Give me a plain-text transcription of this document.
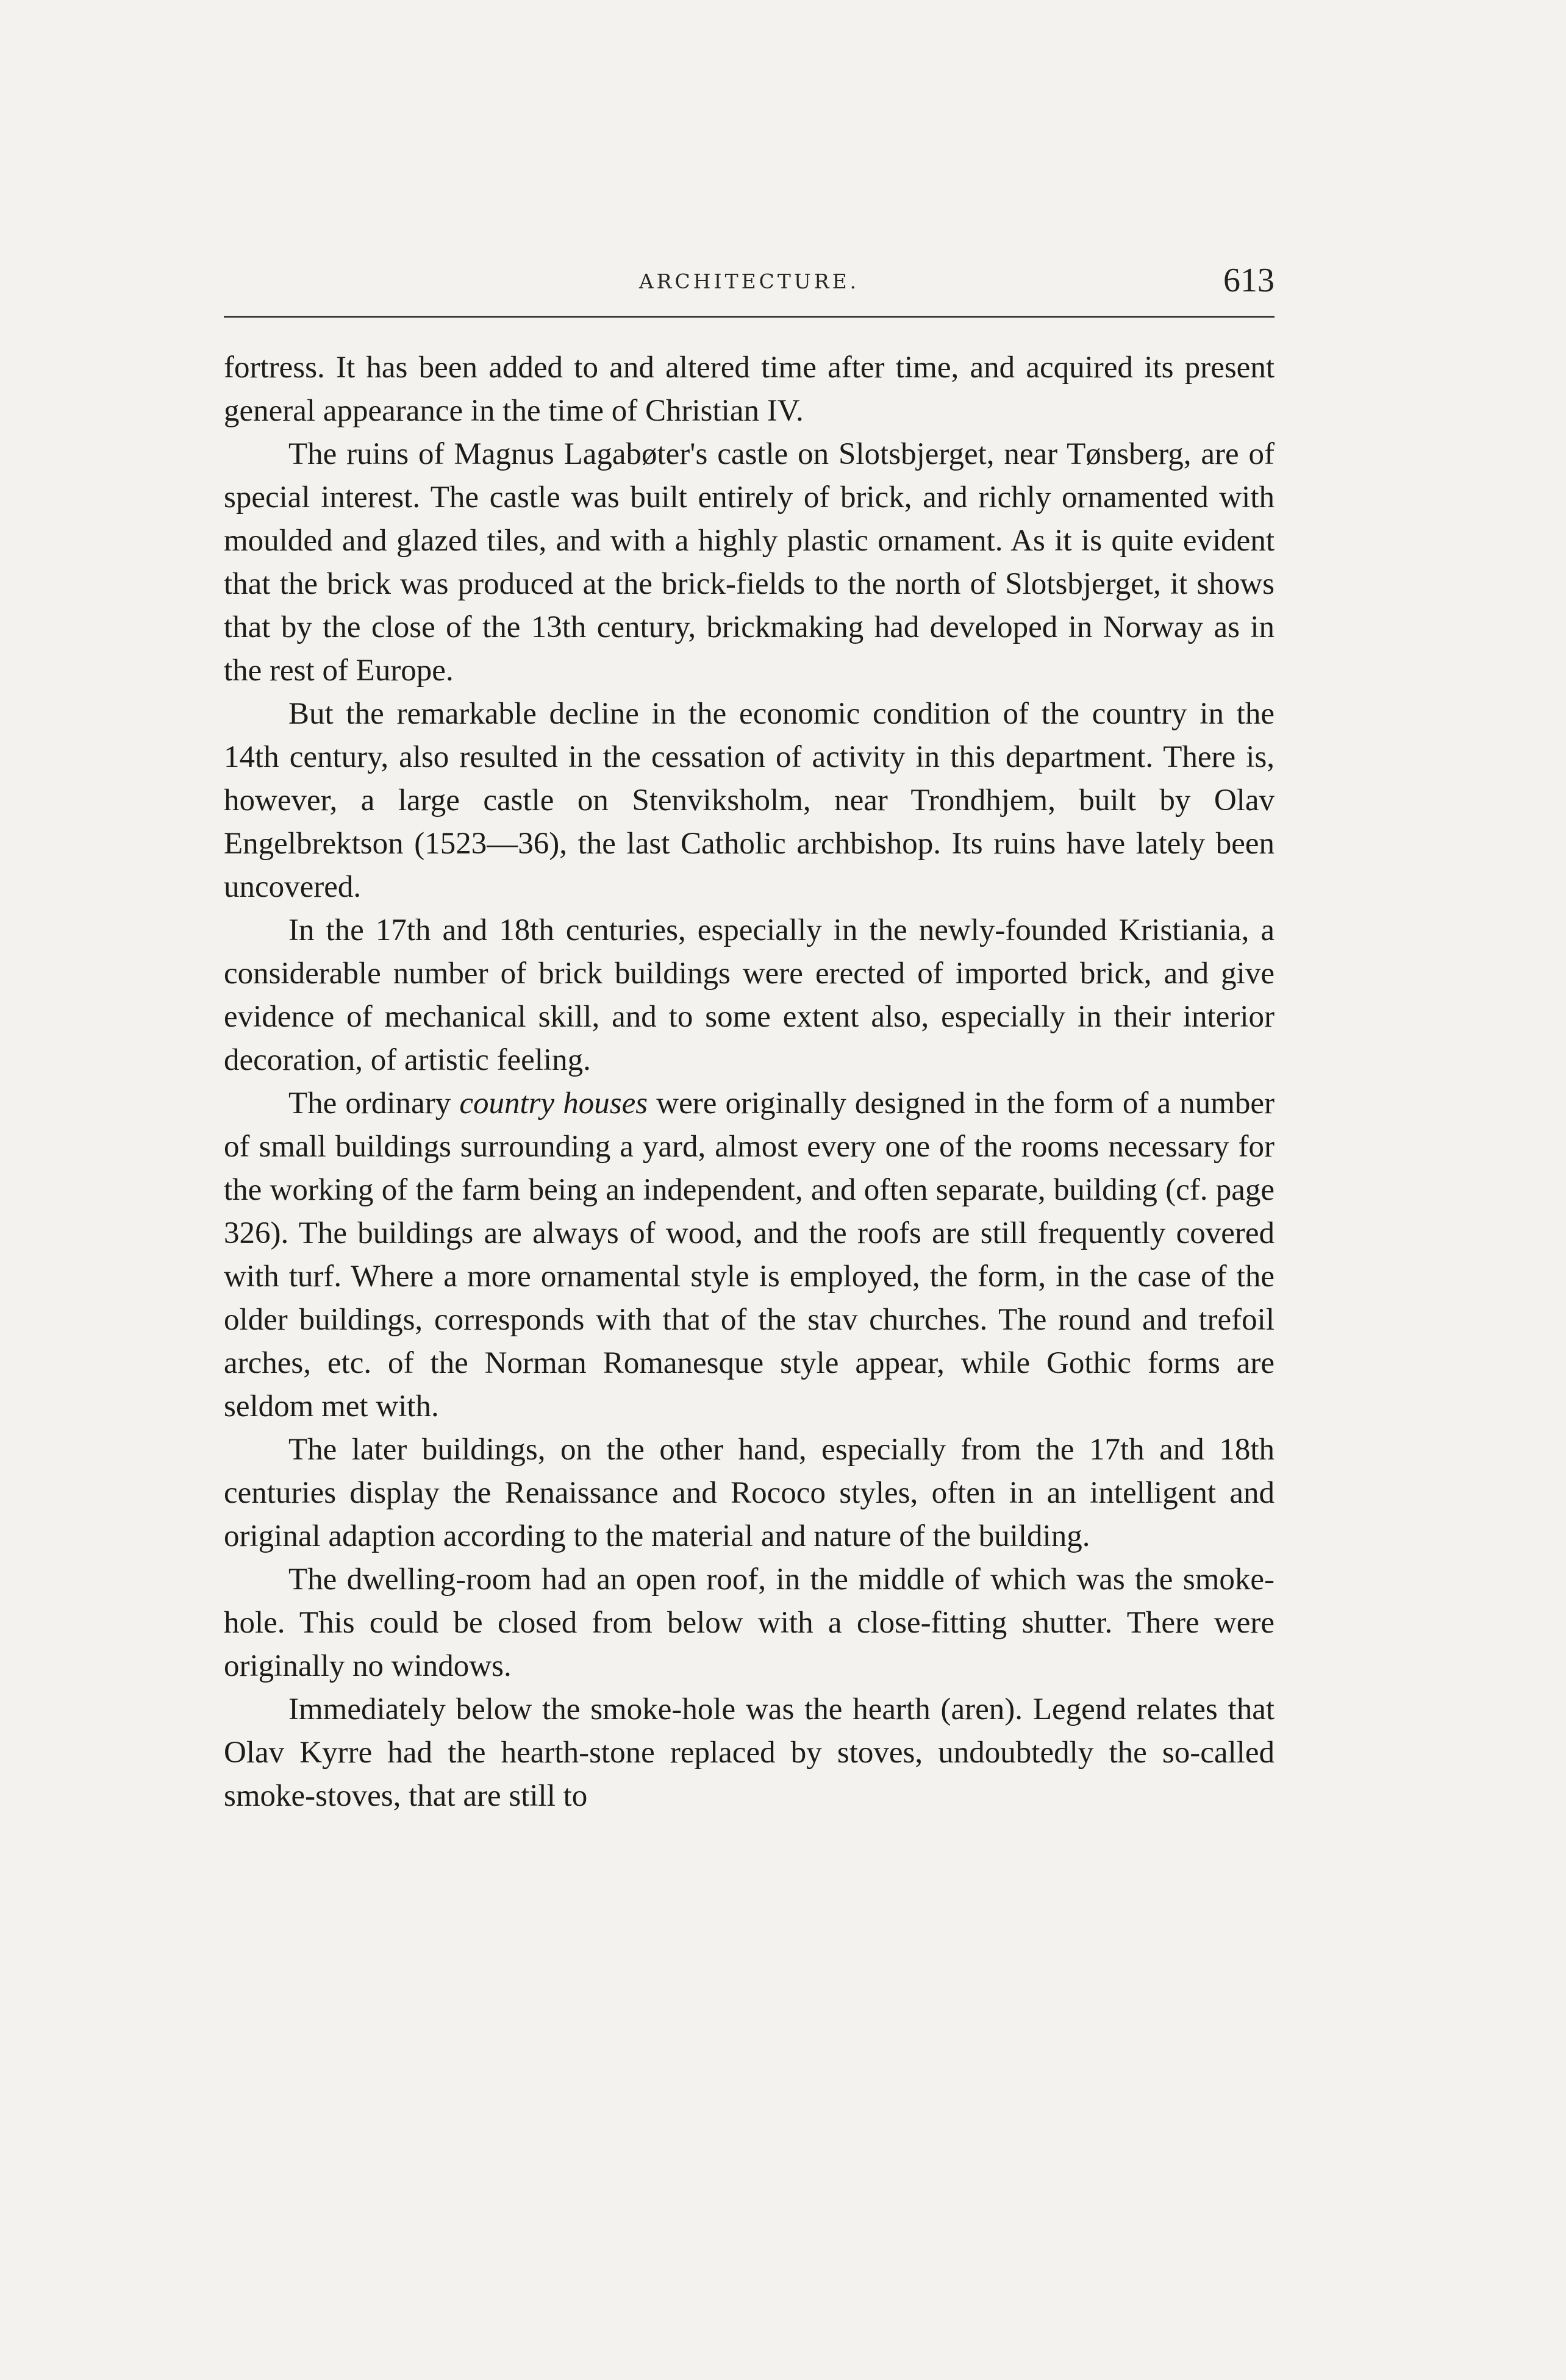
ARCHITECTURE.	613

fortress. It has been added to and altered time after time, and acquired its present general appearance in the time of Christian IV.

The ruins of Magnus Lagabøter's castle on Slotsbjerget, near Tønsberg, are of special interest. The castle was built entirely of brick, and richly ornamented with moulded and glazed tiles, and with a highly plastic ornament. As it is quite evident that the brick was produced at the brick-fields to the north of Slotsbjerget, it shows that by the close of the 13th century, brickmaking had developed in Norway as in the rest of Europe.

But the remarkable decline in the economic condition of the country in the 14th century, also resulted in the cessation of activity in this department. There is, however, a large castle on Stenviksholm, near Trondhjem, built by Olav Engelbrektson (1523—36), the last Catholic archbishop. Its ruins have lately been uncovered.

In the 17th and 18th centuries, especially in the newly-founded Kristiania, a considerable number of brick buildings were erected of imported brick, and give evidence of mechanical skill, and to some extent also, especially in their interior decoration, of artistic feeling.

The ordinary country houses were originally designed in the form of a number of small buildings surrounding a yard, almost every one of the rooms necessary for the working of the farm being an independent, and often separate, building (cf. page 326). The buildings are always of wood, and the roofs are still frequently covered with turf. Where a more ornamental style is employed, the form, in the case of the older buildings, corresponds with that of the stav churches. The round and trefoil arches, etc. of the Norman Romanesque style appear, while Gothic forms are seldom met with.

The later buildings, on the other hand, especially from the 17th and 18th centuries display the Renaissance and Rococo styles, often in an intelligent and original adaption according to the material and nature of the building.

The dwelling-room had an open roof, in the middle of which was the smoke-hole. This could be closed from below with a close-fitting shutter. There were originally no windows.

Immediately below the smoke-hole was the hearth (aren). Legend relates that Olav Kyrre had the hearth-stone replaced by stoves, undoubtedly the so-called smoke-stoves, that are still to
